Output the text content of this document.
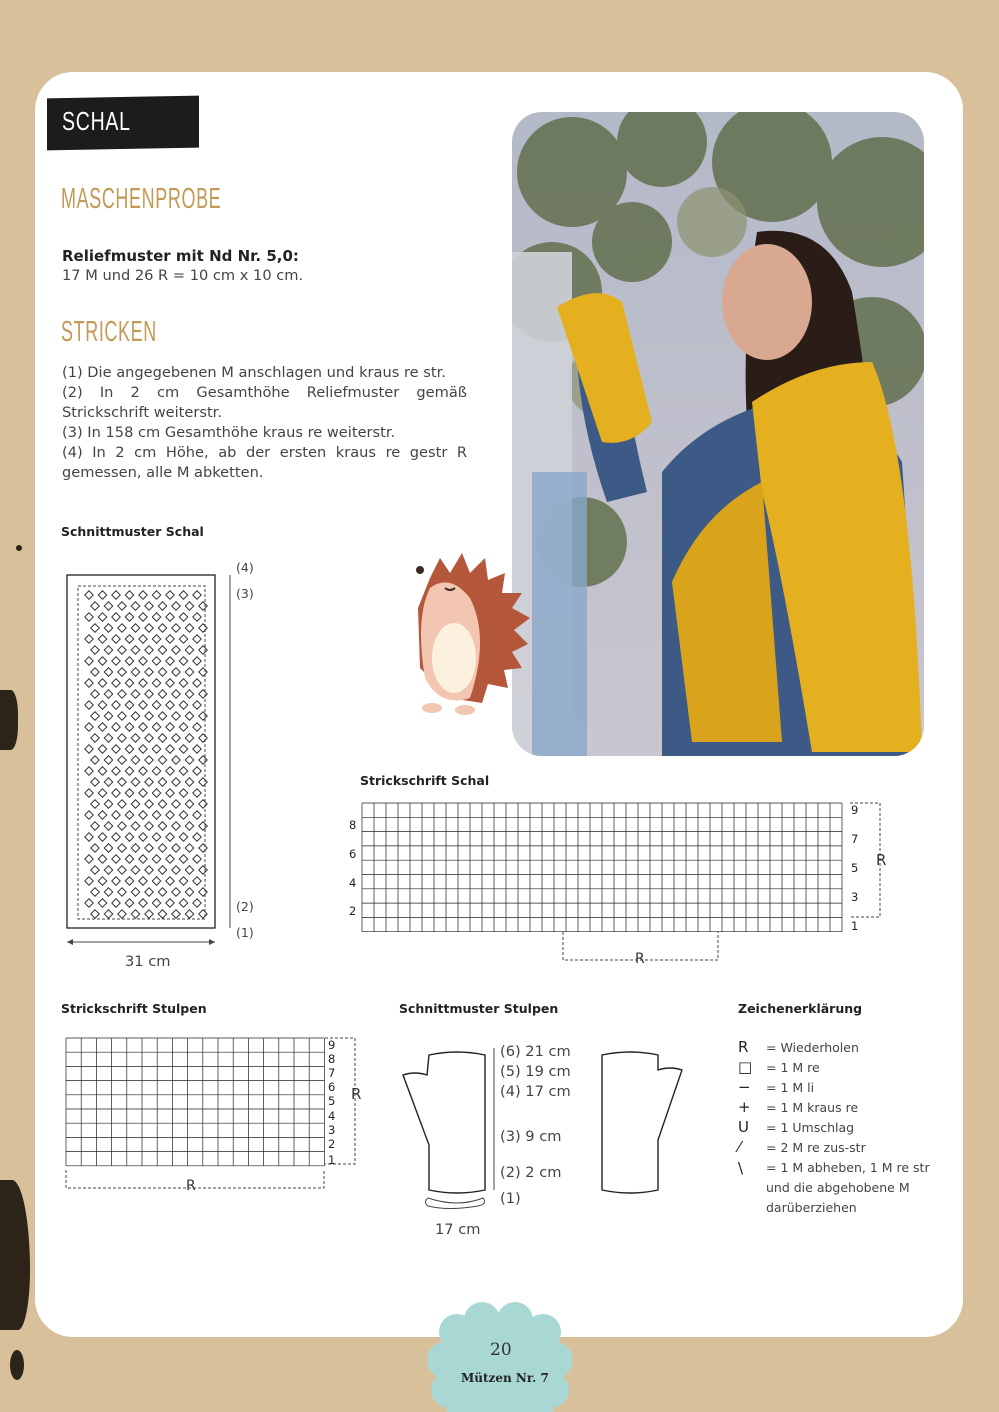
SCHAL
MASCHENPROBE
Reliefmuster mit Nd Nr. 5,0:
17 M und 26 R = 10 cm x 10 cm.
STRICKEN
(1) Die angegebenen M anschlagen und kraus re str.
(2) In 2 cm Gesamthöhe Reliefmuster gemäß Strickschrift weiterstr.
(3) In 158 cm Gesamthöhe kraus re weiterstr.
(4) In 2 cm Höhe, ab der ersten kraus re gestr R gemessen, alle M abketten.
Schnittmuster Schal
(4)
(3)
(2)
(1)
31 cm
Strickschrift Schal
8
6
4
2
9
7
5
3
1
R
R
Strickschrift Stulpen
9
8
7
6
5
4
3
2
1
R
R
Schnittmuster Stulpen
(6) 21 cm
(5) 19 cm
(4) 17 cm
(3) 9 cm
(2) 2 cm
(1)
17 cm
Zeichenerklärung
R = Wiederholen
□ = 1 M re
− = 1 M li
+ = 1 M kraus re
U = 1 Umschlag
⁄ = 2 M re zus-str
\	= 1 M abheben, 1 M re str und die abgehobene M darüberziehen
20
Mützen Nr. 7
